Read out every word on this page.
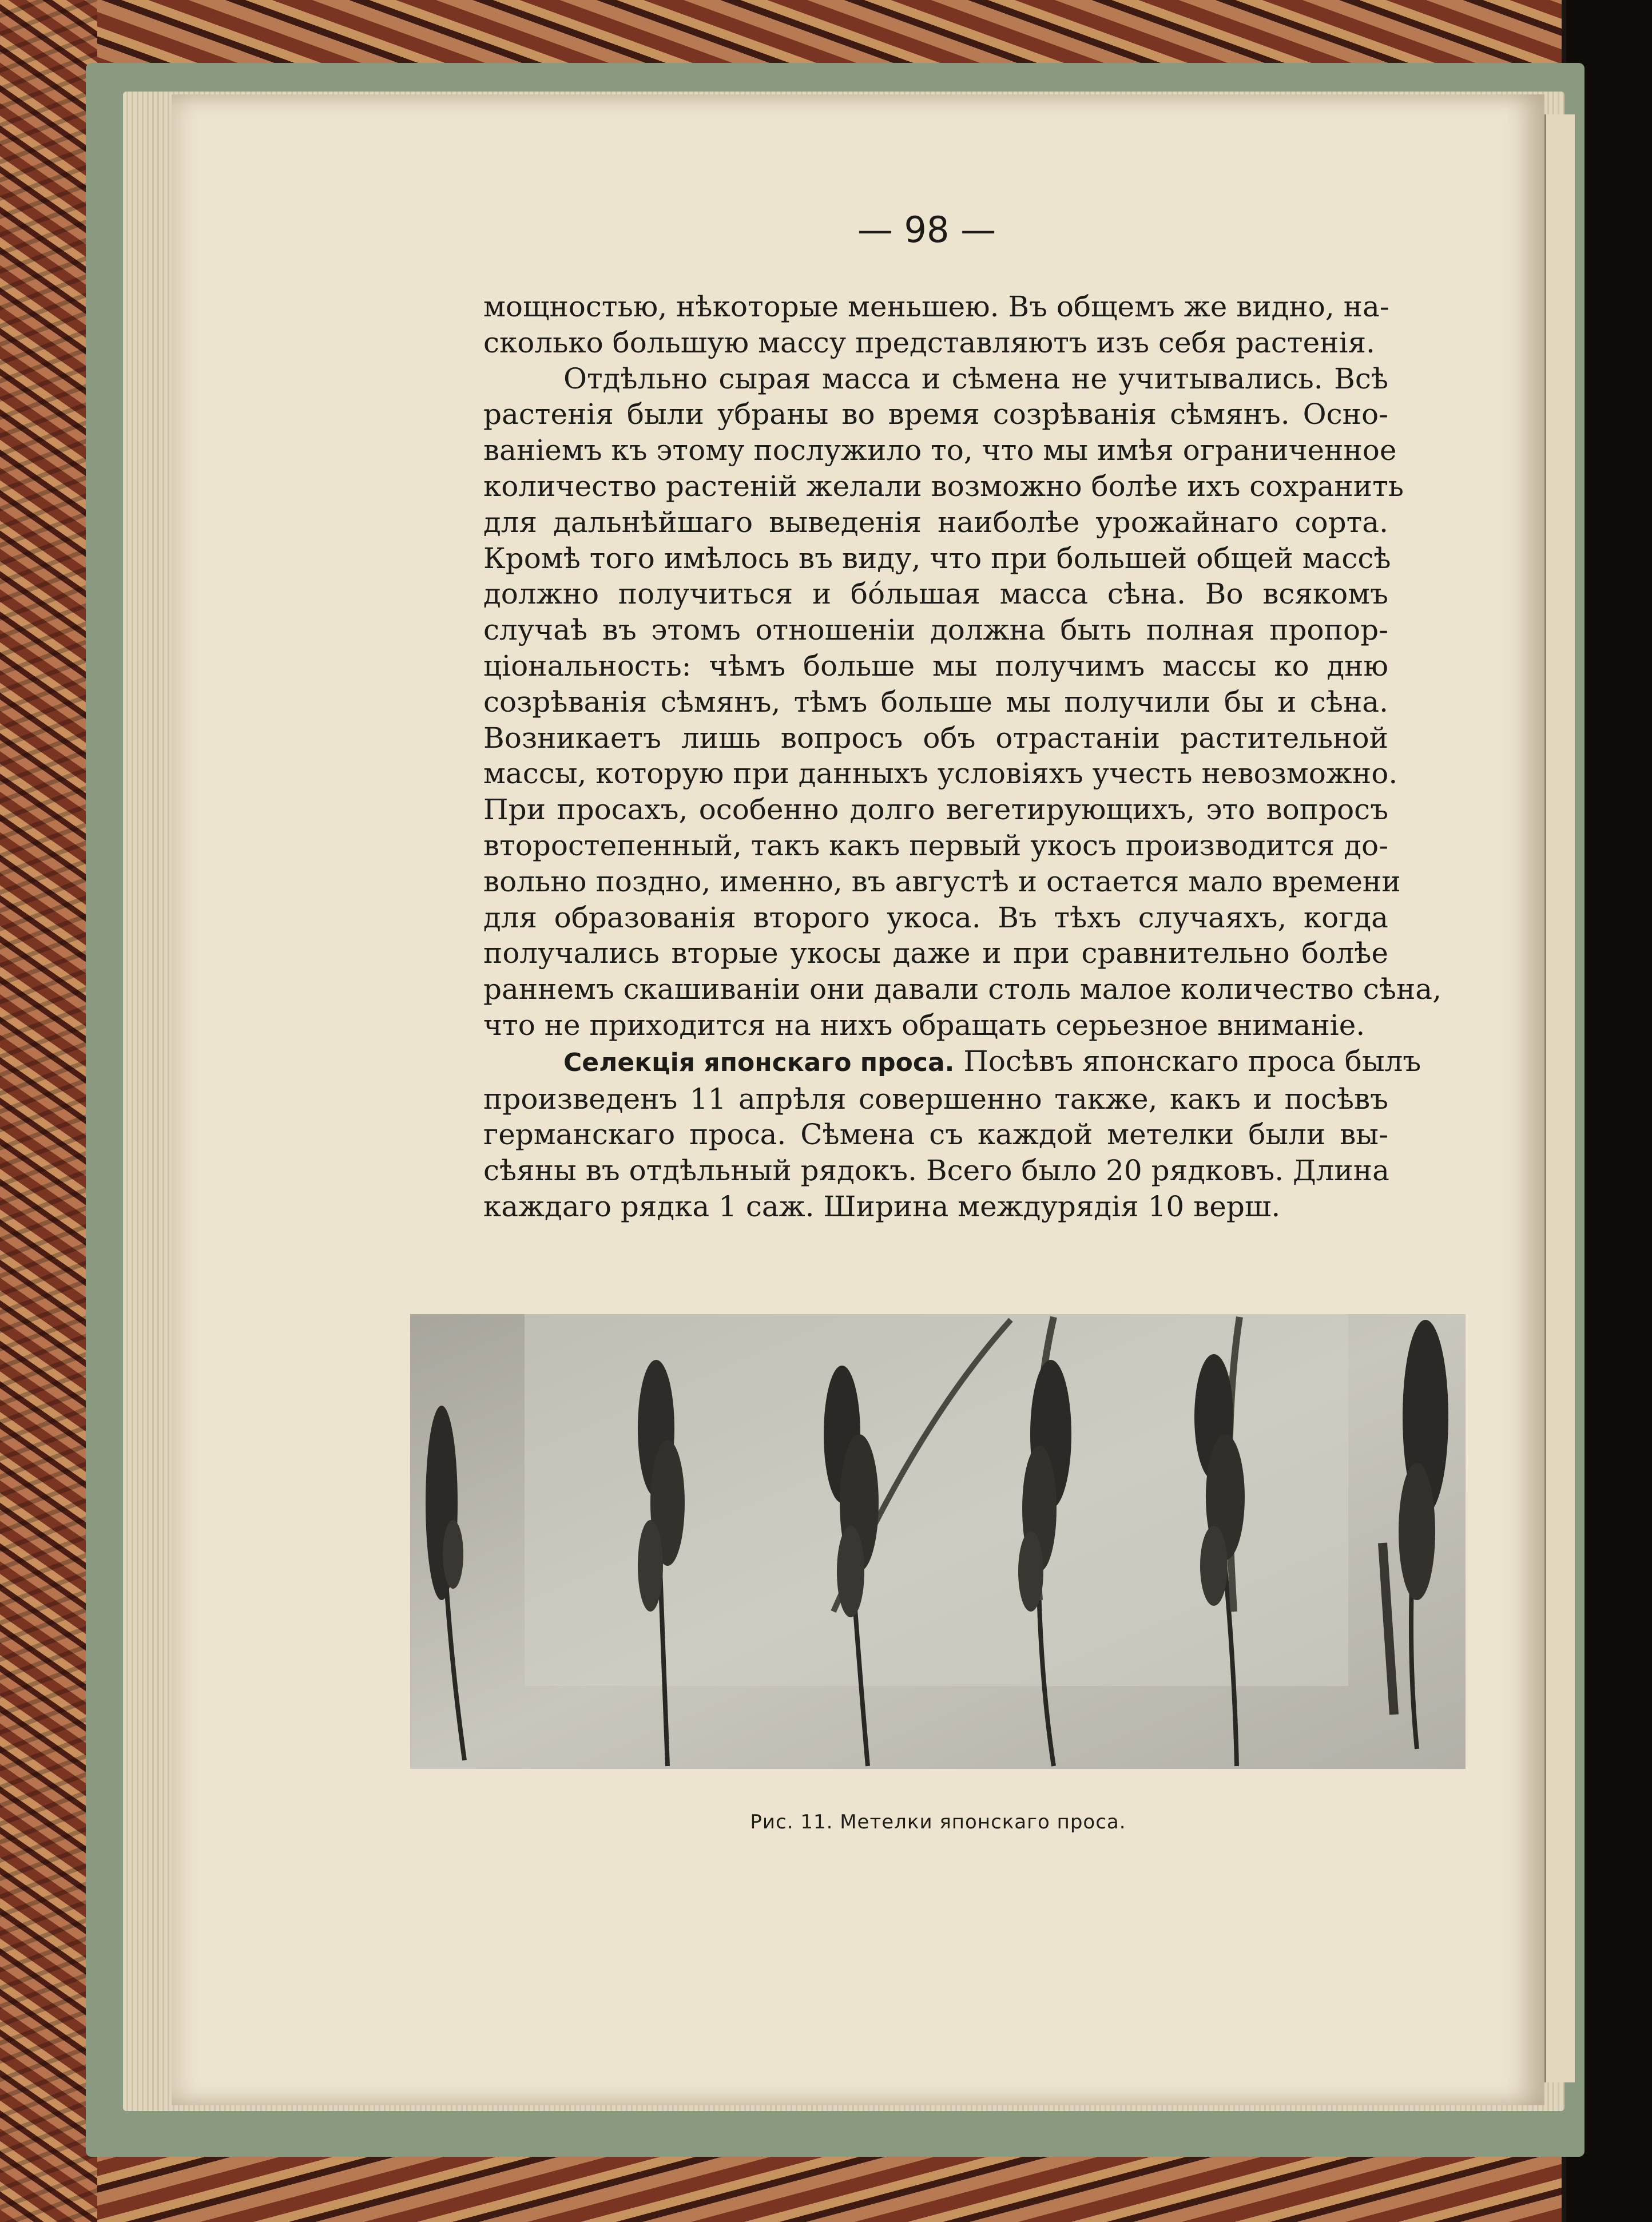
— 98 —

мощностью, нѣкоторые меньшею. Въ общемъ же видно, на-
сколько большую массу представляютъ изъ себя растенія.

Отдѣльно сырая масса и сѣмена не учитывались. Всѣ
растенія были убраны во время созрѣванія сѣмянъ. Осно-
ваніемъ къ этому послужило то, что мы имѣя ограниченное
количество растеній желали возможно болѣе ихъ сохранить
для дальнѣйшаго выведенія наиболѣе урожайнаго сорта.
Кромѣ того имѣлось въ виду, что при большей общей массѣ
должно получиться и бóльшая масса сѣна. Во всякомъ
случаѣ въ этомъ отношеніи должна быть полная пропор-
ціональность: чѣмъ больше мы получимъ массы ко дню
созрѣванія сѣмянъ, тѣмъ больше мы получили бы и сѣна.
Возникаетъ лишь вопросъ объ отрастаніи растительной
массы, которую при данныхъ условіяхъ учесть невозможно.
При просахъ, особенно долго вегетирующихъ, это вопросъ
второстепенный, такъ какъ первый укосъ производится до-
вольно поздно, именно, въ августѣ и остается мало времени
для образованія второго укоса. Въ тѣхъ случаяхъ, когда
получались вторые укосы даже и при сравнительно болѣе
раннемъ скашиваніи они давали столь малое количество сѣна,
что не приходится на нихъ обращать серьезное вниманіе.

Селекція японскаго проса. Посѣвъ японскаго проса былъ
произведенъ 11 апрѣля совершенно также, какъ и посѣвъ
германскаго проса. Сѣмена съ каждой метелки были вы-
сѣяны въ отдѣльный рядокъ. Всего было 20 рядковъ. Длина
каждаго рядка 1 саж. Ширина междурядія 10 верш.

Рис. 11. Метелки японскаго проса.
